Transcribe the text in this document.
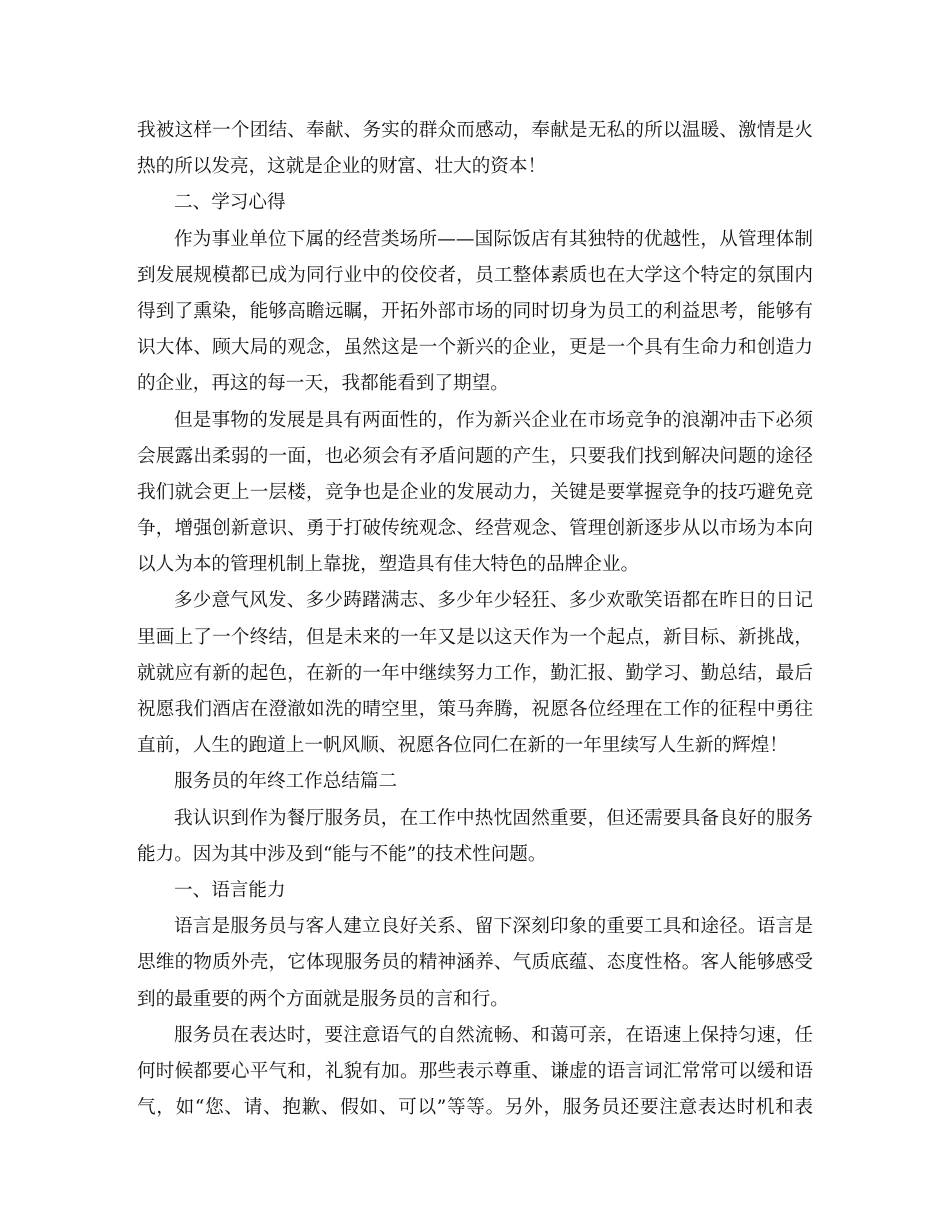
我被这样一个团结、奉献、务实的群众而感动，奉献是无私的所以温暖、激情是火
热的所以发亮，这就是企业的财富、壮大的资本！
二、学习心得
作为事业单位下属的经营类场所——国际饭店有其独特的优越性，从管理体制
到发展规模都已成为同行业中的佼佼者，员工整体素质也在大学这个特定的氛围内
得到了熏染，能够高瞻远瞩，开拓外部市场的同时切身为员工的利益思考，能够有
识大体、顾大局的观念，虽然这是一个新兴的企业，更是一个具有生命力和创造力
的企业，再这的每一天，我都能看到了期望。
但是事物的发展是具有两面性的，作为新兴企业在市场竞争的浪潮冲击下必须
会展露出柔弱的一面，也必须会有矛盾问题的产生，只要我们找到解决问题的途径
我们就会更上一层楼，竞争也是企业的发展动力，关键是要掌握竞争的技巧避免竞
争，增强创新意识、勇于打破传统观念、经营观念、管理创新逐步从以市场为本向
以人为本的管理机制上靠拢，塑造具有佳大特色的品牌企业。
多少意气风发、多少踌躇满志、多少年少轻狂、多少欢歌笑语都在昨日的日记
里画上了一个终结，但是未来的一年又是以这天作为一个起点，新目标、新挑战，
就就应有新的起色，在新的一年中继续努力工作，勤汇报、勤学习、勤总结，最后
祝愿我们酒店在澄澈如洗的晴空里，策马奔腾，祝愿各位经理在工作的征程中勇往
直前，人生的跑道上一帆风顺、祝愿各位同仁在新的一年里续写人生新的辉煌！
服务员的年终工作总结篇二
我认识到作为餐厅服务员，在工作中热忱固然重要，但还需要具备良好的服务
能力。因为其中涉及到“能与不能”的技术性问题。
一、语言能力
语言是服务员与客人建立良好关系、留下深刻印象的重要工具和途径。语言是
思维的物质外壳，它体现服务员的精神涵养、气质底蕴、态度性格。客人能够感受
到的最重要的两个方面就是服务员的言和行。
服务员在表达时，要注意语气的自然流畅、和蔼可亲，在语速上保持匀速，任
何时候都要心平气和，礼貌有加。那些表示尊重、谦虚的语言词汇常常可以缓和语
气，如“您、请、抱歉、假如、可以”等等。另外，服务员还要注意表达时机和表
